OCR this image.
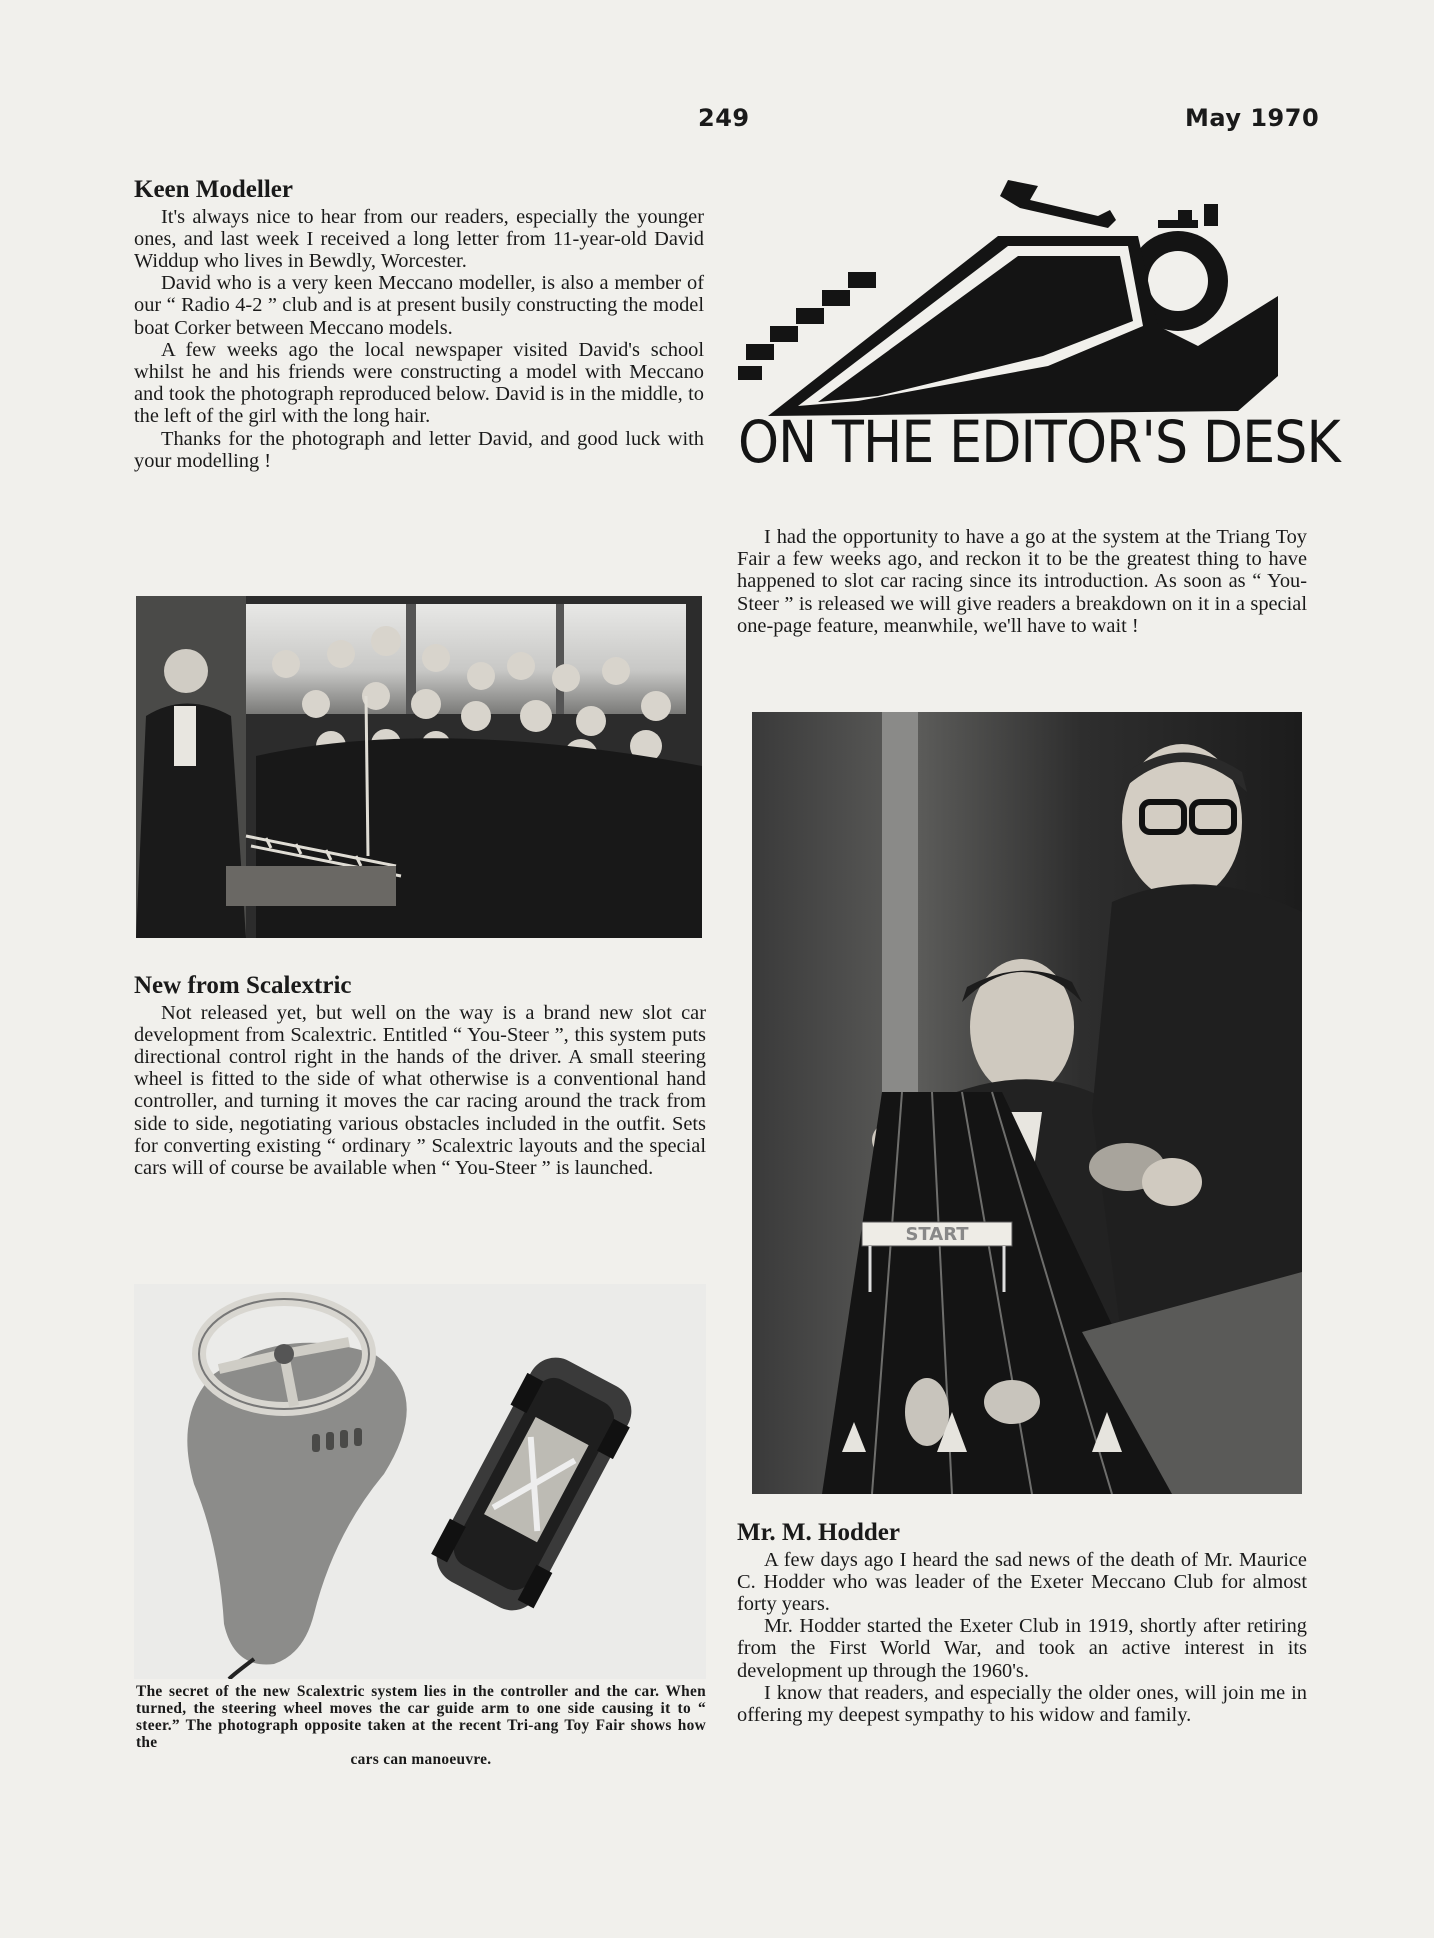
249	May 1970
Keen Modeller

It's always nice to hear from our readers, especially the younger ones, and last week I received a long letter from 11-year-old David Widdup who lives in Bewdly, Worcester.

David who is a very keen Meccano modeller, is also a member of our “ Radio 4-2 ” club and is at present busily constructing the model boat Corker between Meccano models.

A few weeks ago the local newspaper visited David's school whilst he and his friends were constructing a model with Meccano and took the photograph reproduced below. David is in the middle, to the left of the girl with the long hair.

Thanks for the photograph and letter David, and good luck with your modelling !

New from Scalextric

Not released yet, but well on the way is a brand new slot car development from Scalextric. Entitled “ You-Steer ”, this system puts directional control right in the hands of the driver. A small steering wheel is fitted to the side of what otherwise is a conventional hand controller, and turning it moves the car racing around the track from side to side, negotiating various obstacles included in the outfit. Sets for converting existing “ ordinary ” Scalextric layouts and the special cars will of course be available when “ You-Steer ” is launched.

The secret of the new Scalextric system lies in the controller and the car. When turned, the steering wheel moves the car guide arm to one side causing it to “ steer.” The photograph opposite taken at the recent Tri-ang Toy Fair shows how the
cars can manoeuvre.
ON THE EDITOR'S DESK

I had the opportunity to have a go at the system at the Triang Toy Fair a few weeks ago, and reckon it to be the greatest thing to have happened to slot car racing since its introduction. As soon as “ You-Steer ” is released we will give readers a breakdown on it in a special one-page feature, meanwhile, we'll have to wait !

START
Mr. M. Hodder

A few days ago I heard the sad news of the death of Mr. Maurice C. Hodder who was leader of the Exeter Meccano Club for almost forty years.

Mr. Hodder started the Exeter Club in 1919, shortly after retiring from the First World War, and took an active interest in its development up through the 1960's.

I know that readers, and especially the older ones, will join me in offering my deepest sympathy to his widow and family.
